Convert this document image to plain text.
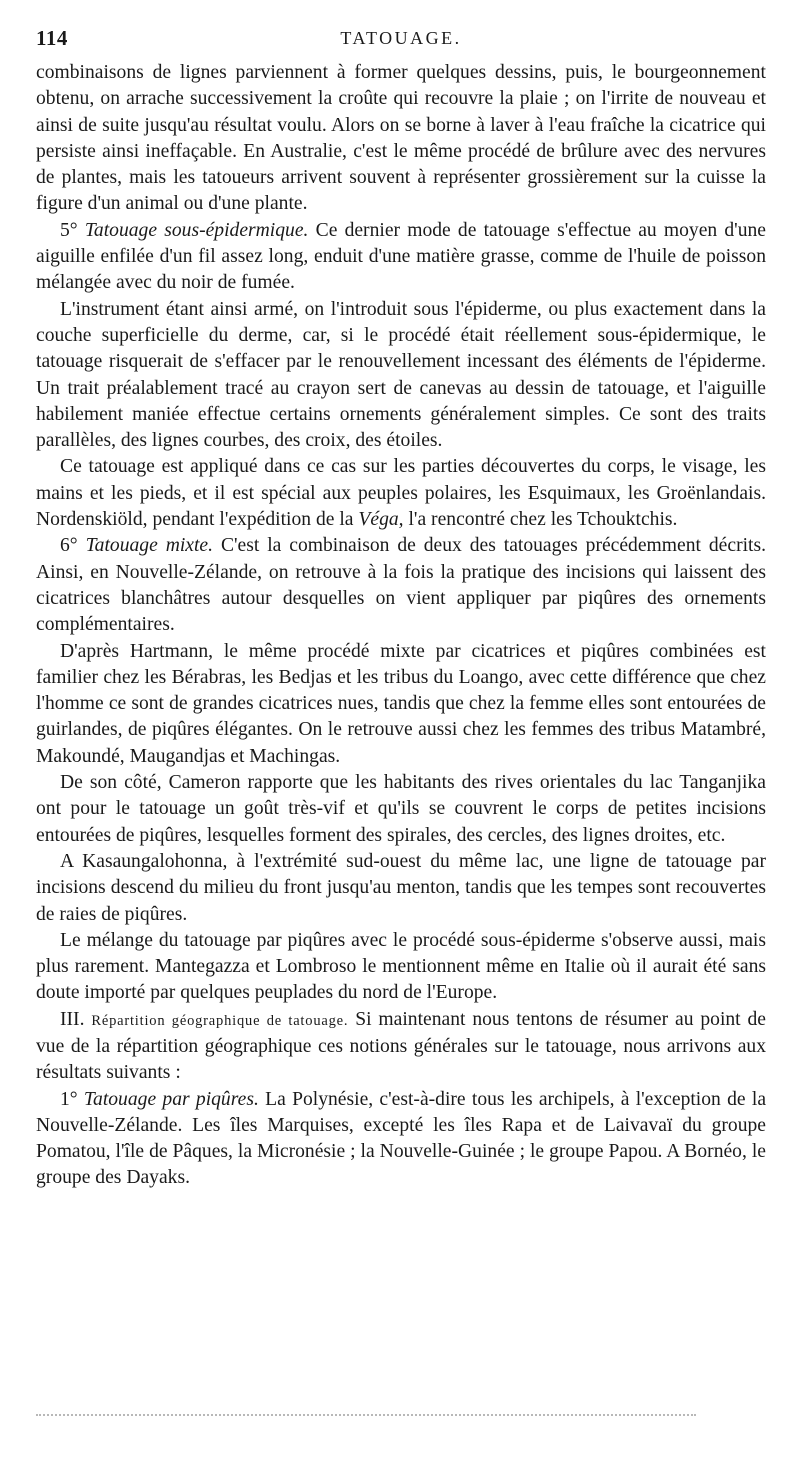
114	TATOUAGE.

combinaisons de lignes parviennent à former quelques dessins, puis, le bourgeonnement obtenu, on arrache successivement la croûte qui recouvre la plaie ; on l'irrite de nouveau et ainsi de suite jusqu'au résultat voulu. Alors on se borne à laver à l'eau fraîche la cicatrice qui persiste ainsi ineffaçable. En Australie, c'est le même procédé de brûlure avec des nervures de plantes, mais les tatoueurs arrivent souvent à représenter grossièrement sur la cuisse la figure d'un animal ou d'une plante.

5° Tatouage sous-épidermique. Ce dernier mode de tatouage s'effectue au moyen d'une aiguille enfilée d'un fil assez long, enduit d'une matière grasse, comme de l'huile de poisson mélangée avec du noir de fumée.

L'instrument étant ainsi armé, on l'introduit sous l'épiderme, ou plus exactement dans la couche superficielle du derme, car, si le procédé était réellement sous-épidermique, le tatouage risquerait de s'effacer par le renouvellement incessant des éléments de l'épiderme. Un trait préalablement tracé au crayon sert de canevas au dessin de tatouage, et l'aiguille habilement maniée effectue certains ornements généralement simples. Ce sont des traits parallèles, des lignes courbes, des croix, des étoiles.

Ce tatouage est appliqué dans ce cas sur les parties découvertes du corps, le visage, les mains et les pieds, et il est spécial aux peuples polaires, les Esquimaux, les Groënlandais. Nordenskiöld, pendant l'expédition de la Véga, l'a rencontré chez les Tchouktchis.

6° Tatouage mixte. C'est la combinaison de deux des tatouages précédemment décrits. Ainsi, en Nouvelle-Zélande, on retrouve à la fois la pratique des incisions qui laissent des cicatrices blanchâtres autour desquelles on vient appliquer par piqûres des ornements complémentaires.

D'après Hartmann, le même procédé mixte par cicatrices et piqûres combinées est familier chez les Bérabras, les Bedjas et les tribus du Loango, avec cette différence que chez l'homme ce sont de grandes cicatrices nues, tandis que chez la femme elles sont entourées de guirlandes, de piqûres élégantes. On le retrouve aussi chez les femmes des tribus Matambré, Makoundé, Maugandjas et Machingas.

De son côté, Cameron rapporte que les habitants des rives orientales du lac Tanganjika ont pour le tatouage un goût très-vif et qu'ils se couvrent le corps de petites incisions entourées de piqûres, lesquelles forment des spirales, des cercles, des lignes droites, etc.

A Kasaungalohonna, à l'extrémité sud-ouest du même lac, une ligne de tatouage par incisions descend du milieu du front jusqu'au menton, tandis que les tempes sont recouvertes de raies de piqûres.

Le mélange du tatouage par piqûres avec le procédé sous-épiderme s'observe aussi, mais plus rarement. Mantegazza et Lombroso le mentionnent même en Italie où il aurait été sans doute importé par quelques peuplades du nord de l'Europe.

III. Répartition géographique de tatouage. Si maintenant nous tentons de résumer au point de vue de la répartition géographique ces notions générales sur le tatouage, nous arrivons aux résultats suivants :

1° Tatouage par piqûres. La Polynésie, c'est-à-dire tous les archipels, à l'exception de la Nouvelle-Zélande. Les îles Marquises, excepté les îles Rapa et de Laivavaï du groupe Pomatou, l'île de Pâques, la Micronésie ; la Nouvelle-Guinée ; le groupe Papou. A Bornéo, le groupe des Dayaks.
